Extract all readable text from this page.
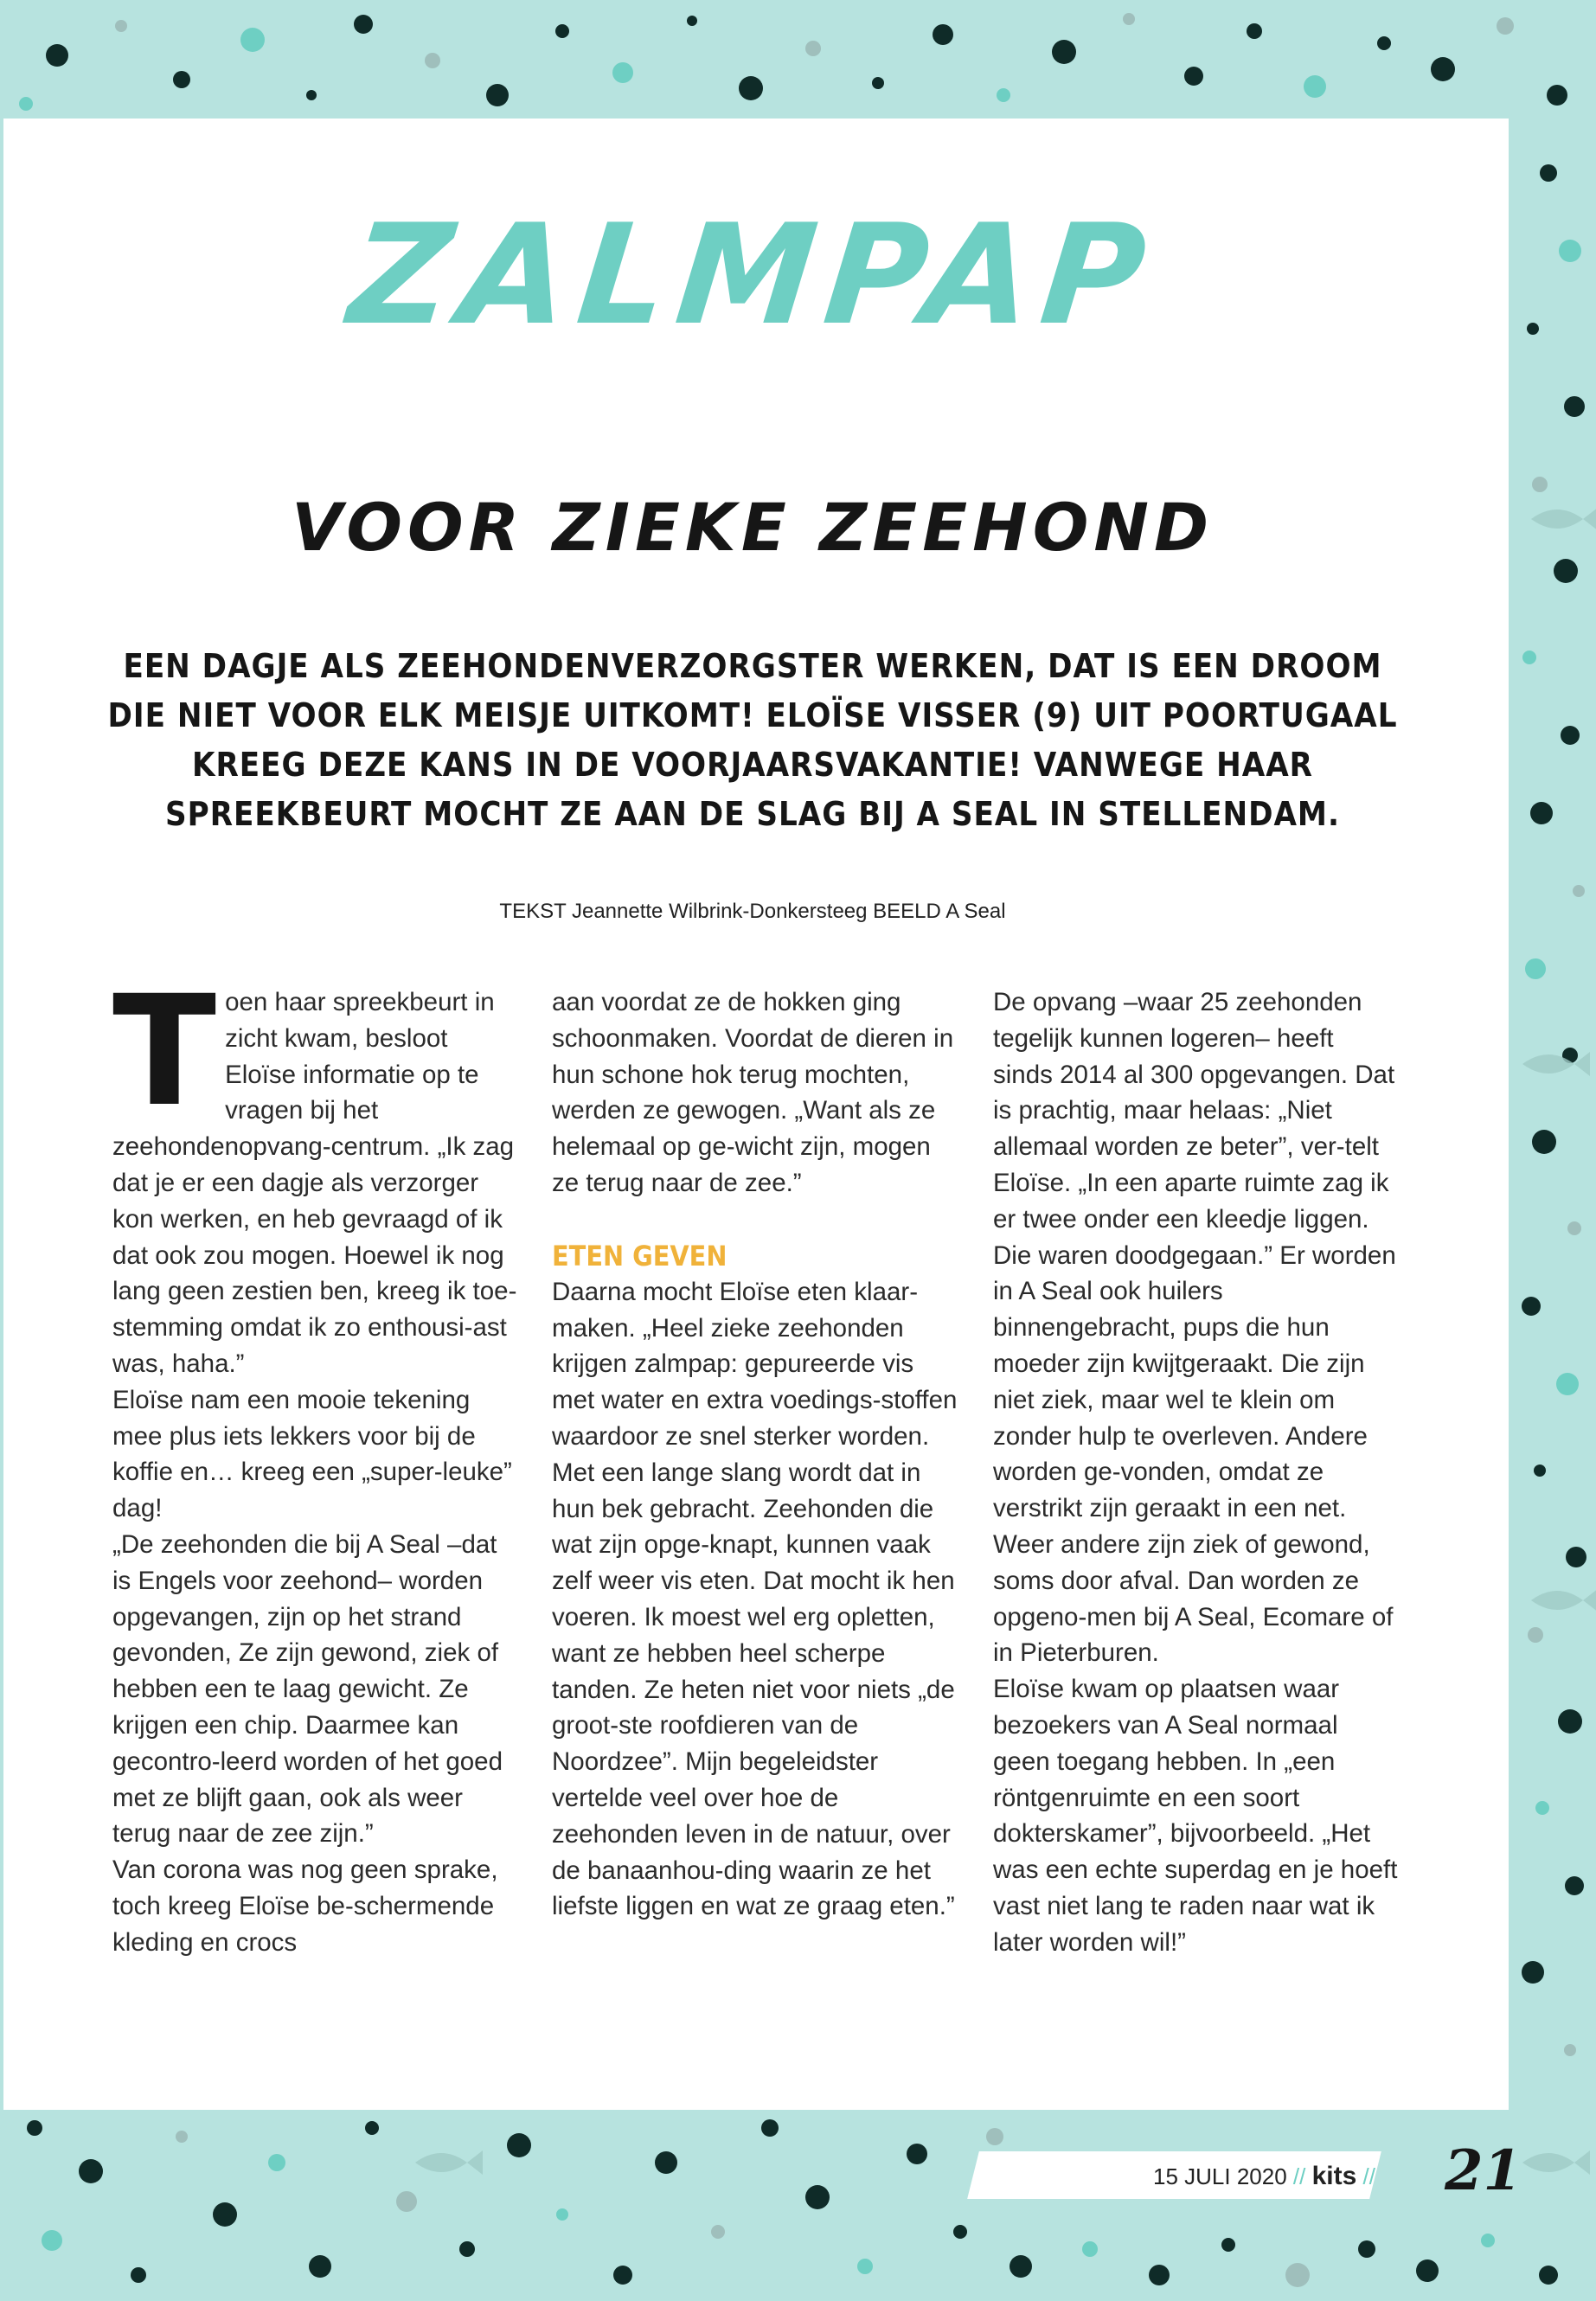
ZALMPAP
VOOR ZIEKE ZEEHOND
EEN DAGJE ALS ZEEHONDENVERZORGSTER WERKEN, DAT IS EEN DROOM DIE NIET VOOR ELK MEISJE UITKOMT! ELOÏSE VISSER (9) UIT POORTUGAAL KREEG DEZE KANS IN DE VOORJAARSVAKANTIE! VANWEGE HAAR SPREEKBEURT MOCHT ZE AAN DE SLAG BIJ A SEAL IN STELLENDAM.
TEKST Jeannette Wilbrink-Donkersteeg BEELD A Seal
T oen haar spreekbeurt in zicht kwam, besloot Eloïse informatie op te vragen bij het zeehondenopvang-centrum. „Ik zag dat je er een dagje als verzorger kon werken, en heb gevraagd of ik dat ook zou mogen. Hoewel ik nog lang geen zestien ben, kreeg ik toe-stemming omdat ik zo enthousi-ast was, haha.”

Eloïse nam een mooie tekening mee plus iets lekkers voor bij de koffie en… kreeg een „super-leuke” dag!

„De zeehonden die bij A Seal –dat is Engels voor zeehond– worden opgevangen, zijn op het strand gevonden, Ze zijn gewond, ziek of hebben een te laag gewicht. Ze krijgen een chip. Daarmee kan gecontro-leerd worden of het goed met ze blijft gaan, ook als weer terug naar de zee zijn.”

Van corona was nog geen sprake, toch kreeg Eloïse be-schermende kleding en crocs

aan voordat ze de hokken ging schoonmaken. Voordat de dieren in hun schone hok terug mochten, werden ze gewogen. „Want als ze helemaal op ge-wicht zijn, mogen ze terug naar de zee.”

ETEN GEVEN

Daarna mocht Eloïse eten klaar-maken. „Heel zieke zeehonden krijgen zalmpap: gepureerde vis met water en extra voedings-stoffen waardoor ze snel sterker worden. Met een lange slang wordt dat in hun bek gebracht. Zeehonden die wat zijn opge-knapt, kunnen vaak zelf weer vis eten. Dat mocht ik hen voeren. Ik moest wel erg opletten, want ze hebben heel scherpe tanden. Ze heten niet voor niets „de groot-ste roofdieren van de Noordzee”. Mijn begeleidster vertelde veel over hoe de zeehonden leven in de natuur, over de banaanhou-ding waarin ze het liefste liggen en wat ze graag eten.”

De opvang –waar 25 zeehonden tegelijk kunnen logeren– heeft sinds 2014 al 300 opgevangen. Dat is prachtig, maar helaas: „Niet allemaal worden ze beter”, ver-telt Eloïse. „In een aparte ruimte zag ik er twee onder een kleedje liggen. Die waren doodgegaan.” Er worden in A Seal ook huilers binnengebracht, pups die hun moeder zijn kwijtgeraakt. Die zijn niet ziek, maar wel te klein om zonder hulp te overleven. Andere worden ge-vonden, omdat ze verstrikt zijn geraakt in een net. Weer andere zijn ziek of gewond, soms door afval. Dan worden ze opgeno-men bij A Seal, Ecomare of in Pieterburen.

Eloïse kwam op plaatsen waar bezoekers van A Seal normaal geen toegang hebben. In „een röntgenruimte en een soort dokterskamer”, bijvoorbeeld. „Het was een echte superdag en je hoeft vast niet lang te raden naar wat ik later worden wil!”

15 JULI 2020 // kits // 21
